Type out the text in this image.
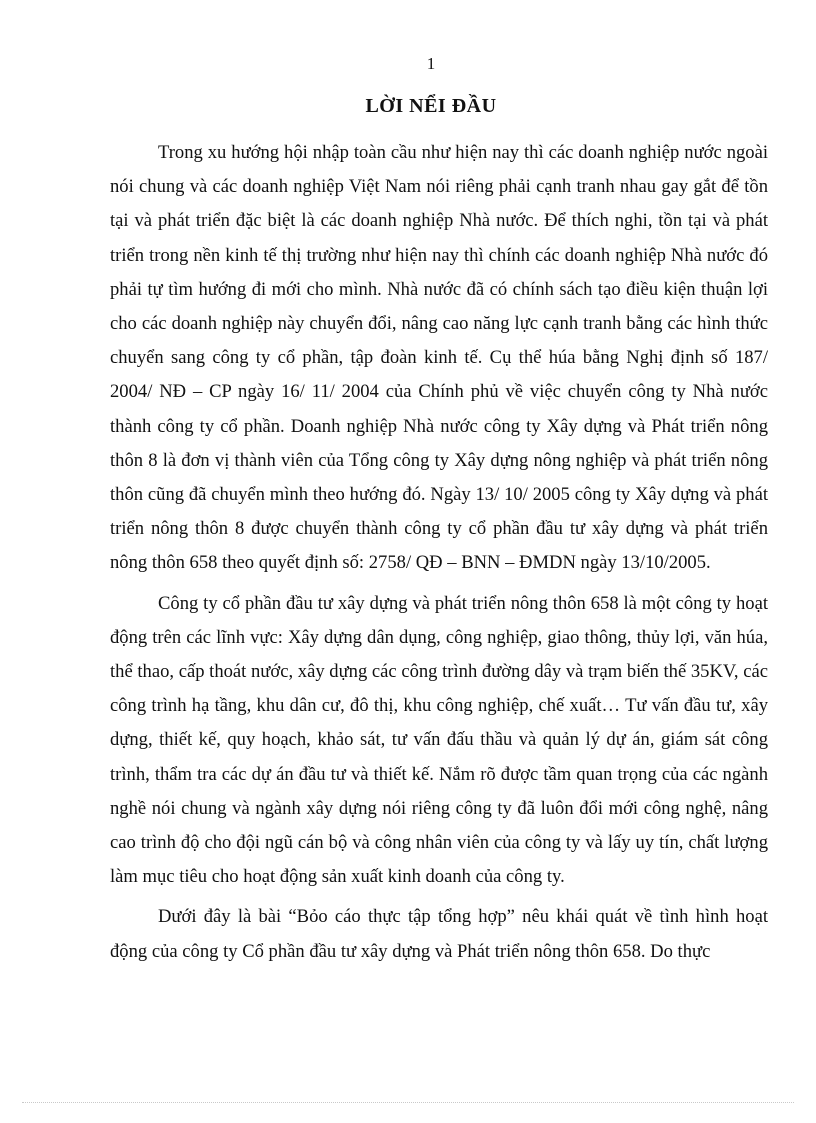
1
LỜI NỂI ĐẦU

Trong xu hướng hội nhập toàn cầu như hiện nay thì các doanh nghiệp nước ngoài nói chung và các doanh nghiệp Việt Nam nói riêng phải cạnh tranh nhau gay gắt để tồn tại và phát triển đặc biệt là các doanh nghiệp Nhà nước. Để thích nghi, tồn tại và phát triển trong nền kinh tế thị trường như hiện nay thì chính các doanh nghiệp Nhà nước đó phải tự tìm hướng đi mới cho mình. Nhà nước đã có chính sách tạo điều kiện thuận lợi cho các doanh nghiệp này chuyển đổi, nâng cao năng lực cạnh tranh bằng các hình thức chuyển sang công ty cổ phần, tập đoàn kinh tế. Cụ thể húa bằng Nghị định số 187/ 2004/ NĐ – CP ngày 16/ 11/ 2004 của Chính phủ về việc chuyển công ty Nhà nước thành công ty cổ phần. Doanh nghiệp Nhà nước công ty Xây dựng và Phát triển nông thôn 8 là đơn vị thành viên của Tổng công ty Xây dựng nông nghiệp và phát triển nông thôn cũng đã chuyển mình theo hướng đó. Ngày 13/ 10/ 2005 công ty Xây dựng và phát triển nông thôn 8 được chuyển thành công ty cổ phần đầu tư xây dựng và phát triển nông thôn 658 theo quyết định số: 2758/ QĐ – BNN – ĐMDN ngày 13/10/2005.

Công ty cổ phần đầu tư xây dựng và phát triển nông thôn 658 là một công ty hoạt động trên các lĩnh vực: Xây dựng dân dụng, công nghiệp, giao thông, thủy lợi, văn húa, thể thao, cấp thoát nước, xây dựng các công trình đường dây và trạm biến thế 35KV, các công trình hạ tầng, khu dân cư, đô thị, khu công nghiệp, chế xuất… Tư vấn đầu tư, xây dựng, thiết kế, quy hoạch, khảo sát, tư vấn đấu thầu và quản lý dự án, giám sát công trình, thẩm tra các dự án đầu tư và thiết kế. Nắm rõ được tầm quan trọng của các ngành nghề nói chung và ngành xây dựng nói riêng công ty đã luôn đổi mới công nghệ, nâng cao trình độ cho đội ngũ cán bộ và công nhân viên của công ty và lấy uy tín, chất lượng làm mục tiêu cho hoạt động sản xuất kinh doanh của công ty.

Dưới đây là bài “Bỏo cáo thực tập tổng hợp” nêu khái quát về tình hình hoạt động của công ty Cổ phần đầu tư xây dựng và Phát triển nông thôn 658. Do thực
